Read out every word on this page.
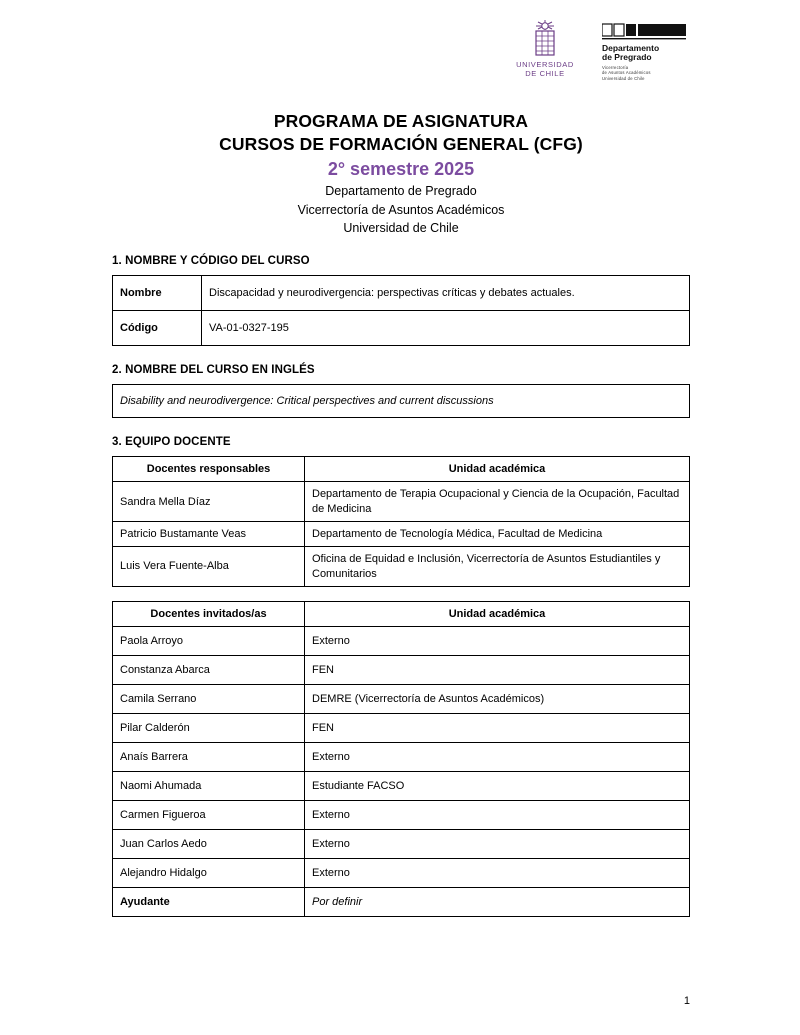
UNIVERSIDAD
DE CHILE
Departamento
de Pregrado
Vicerrectoría
de Asuntos Académicos
Universidad de Chile
PROGRAMA DE ASIGNATURA
CURSOS DE FORMACIÓN GENERAL (CFG)
2° semestre 2025
Departamento de Pregrado
Vicerrectoría de Asuntos Académicos
Universidad de Chile
1. NOMBRE Y CÓDIGO DEL CURSO
Nombre	Discapacidad y neurodivergencia: perspectivas críticas y debates actuales.
Código	VA-01-0327-195
2. NOMBRE DEL CURSO EN INGLÉS
Disability and neurodivergence: Critical perspectives and current discussions
3. EQUIPO DOCENTE
Docentes responsables	Unidad académica
Sandra Mella Díaz	Departamento de Terapia Ocupacional y Ciencia de la Ocupación, Facultad de Medicina
Patricio Bustamante Veas	Departamento de Tecnología Médica, Facultad de Medicina
Luis Vera Fuente-Alba	Oficina de Equidad e Inclusión, Vicerrectoría de Asuntos Estudiantiles y Comunitarios
Docentes invitados/as	Unidad académica
Paola Arroyo	Externo
Constanza Abarca	FEN
Camila Serrano	DEMRE (Vicerrectoría de Asuntos Académicos)
Pilar Calderón	FEN
Anaís Barrera	Externo
Naomi Ahumada	Estudiante FACSO
Carmen Figueroa	Externo
Juan Carlos Aedo	Externo
Alejandro Hidalgo	Externo
Ayudante	Por definir
1
